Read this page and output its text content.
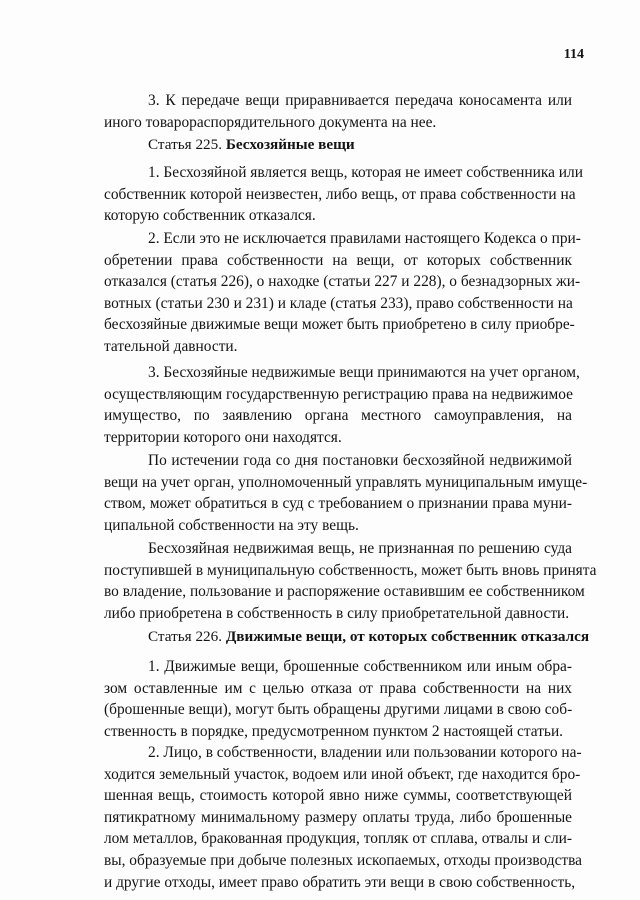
114
3. К передаче вещи приравнивается передача коносамента или
иного товарораспорядительного документа на нее.
Статья 225. Бесхозяйные вещи
1. Бесхозяйной является вещь, которая не имеет собственника или
собственник которой неизвестен, либо вещь, от права собственности на
которую собственник отказался.
2. Если это не исключается правилами настоящего Кодекса о при-
обретении права собственности на вещи, от которых собственник
отказался (статья 226), о находке (статьи 227 и 228), о безнадзорных жи-
вотных (статьи 230 и 231) и кладе (статья 233), право собственности на
бесхозяйные движимые вещи может быть приобретено в силу приобре-
тательной давности.
3. Бесхозяйные недвижимые вещи принимаются на учет органом,
осуществляющим государственную регистрацию права на недвижимое
имущество, по заявлению органа местного самоуправления, на
территории которого они находятся.
По истечении года со дня постановки бесхозяйной недвижимой
вещи на учет орган, уполномоченный управлять муниципальным имуще-
ством, может обратиться в суд с требованием о признании права муни-
ципальной собственности на эту вещь.
Бесхозяйная недвижимая вещь, не признанная по решению суда
поступившей в муниципальную собственность, может быть вновь принята
во владение, пользование и распоряжение оставившим ее собственником
либо приобретена в собственность в силу приобретательной давности.
Статья 226. Движимые вещи, от которых собственник отказался
1. Движимые вещи, брошенные собственником или иным обра-
зом оставленные им с целью отказа от права собственности на них
(брошенные вещи), могут быть обращены другими лицами в свою соб-
ственность в порядке, предусмотренном пунктом 2 настоящей статьи.
2. Лицо, в собственности, владении или пользовании которого на-
ходится земельный участок, водоем или иной объект, где находится бро-
шенная вещь, стоимость которой явно ниже суммы, соответствующей
пятикратному минимальному размеру оплаты труда, либо брошенные
лом металлов, бракованная продукция, топляк от сплава, отвалы и сли-
вы, образуемые при добыче полезных ископаемых, отходы производства
и другие отходы, имеет право обратить эти вещи в свою собственность,
